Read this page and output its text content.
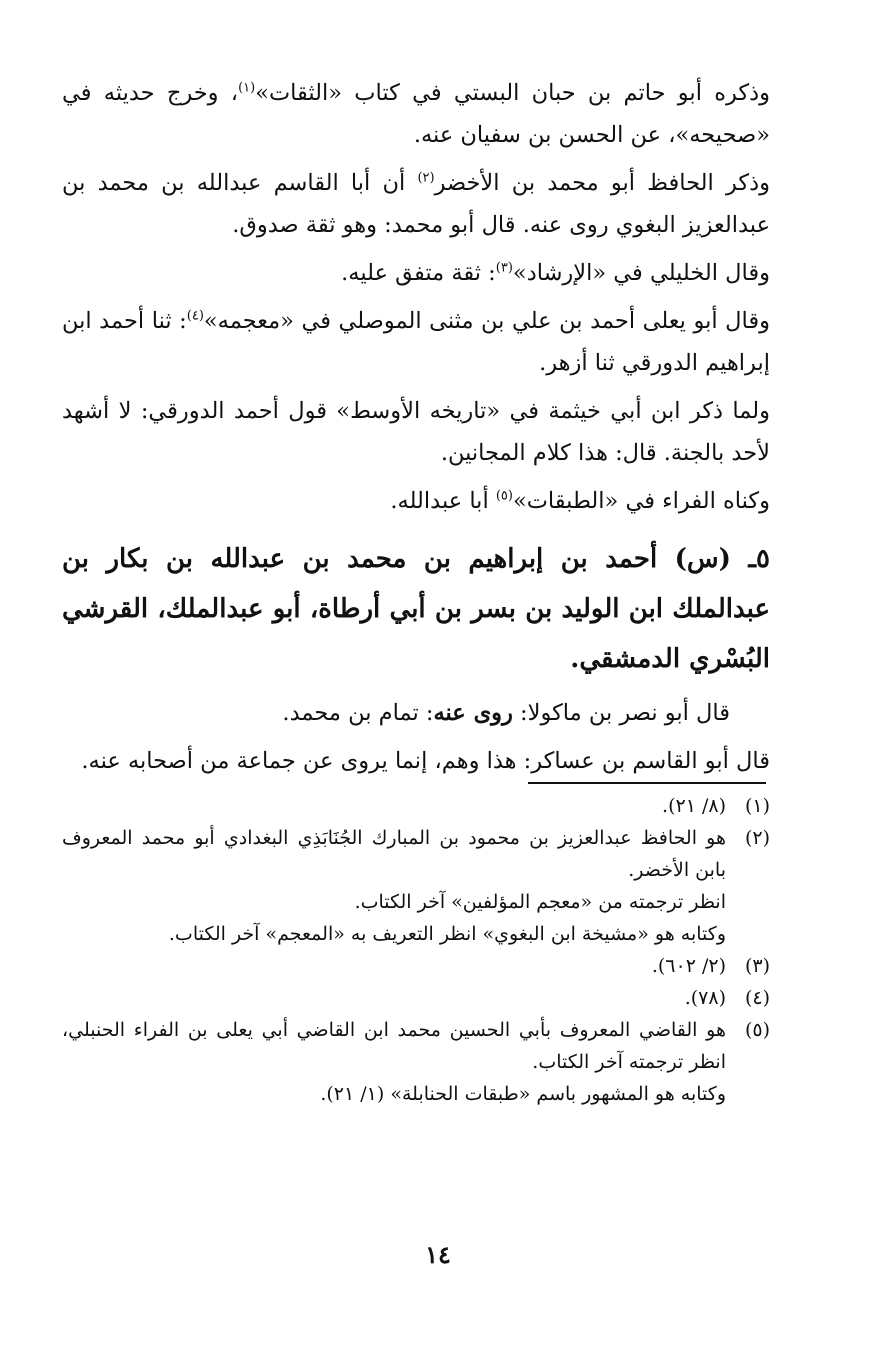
وذكره أبو حاتم بن حبان البستي في كتاب «الثقات»$^{(١)}$، وخرج حديثه في «صحيحه»، عن الحسن بن سفيان عنه.

وذكر الحافظ أبو محمد بن الأخضر$^{(٢)}$ أن أبا القاسم عبدالله بن محمد بن عبدالعزيز البغوي روى عنه. قال أبو محمد: وهو ثقة صدوق.

وقال الخليلي في «الإرشاد»$^{(٣)}$: ثقة متفق عليه.

وقال أبو يعلى أحمد بن علي بن مثنى الموصلي في «معجمه»$^{(٤)}$: ثنا أحمد ابن إبراهيم الدورقي ثنا أزهر.

ولما ذكر ابن أبي خيثمة في «تاريخه الأوسط» قول أحمد الدورقي: لا أشهد لأحد بالجنة. قال: هذا كلام المجانين.

وكناه الفراء في «الطبقات»$^{(٥)}$ أبا عبدالله.

٥ـ (س) أحمد بن إبراهيم بن محمد بن عبدالله بن بكار بن عبدالملك ابن الوليد بن بسر بن أبي أرطاة، أبو عبدالملك، القرشي البُسْري الدمشقي.

قال أبو نصر بن ماكولا: روى عنه: تمام بن محمد.

قال أبو القاسم بن عساكر: هذا وهم، إنما يروى عن جماعة من أصحابه عنه.

(١)
(٨/ ٢١).
(٢)
هو الحافظ عبدالعزيز بن محمود بن المبارك الجُنَابَذِي البغدادي أبو محمد المعروف بابن الأخضر.

انظر ترجمته من «معجم المؤلفين» آخر الكتاب.

وكتابه هو «مشيخة ابن البغوي» انظر التعريف به «المعجم» آخر الكتاب.

(٣)
(٢/ ٦٠٢).
(٤)
(٧٨).
(٥)
هو القاضي المعروف بأبي الحسين محمد ابن القاضي أبي يعلى بن الفراء الحنبلي، انظر ترجمته آخر الكتاب.

وكتابه هو المشهور باسم «طبقات الحنابلة» (١/ ٢١).

١٤
